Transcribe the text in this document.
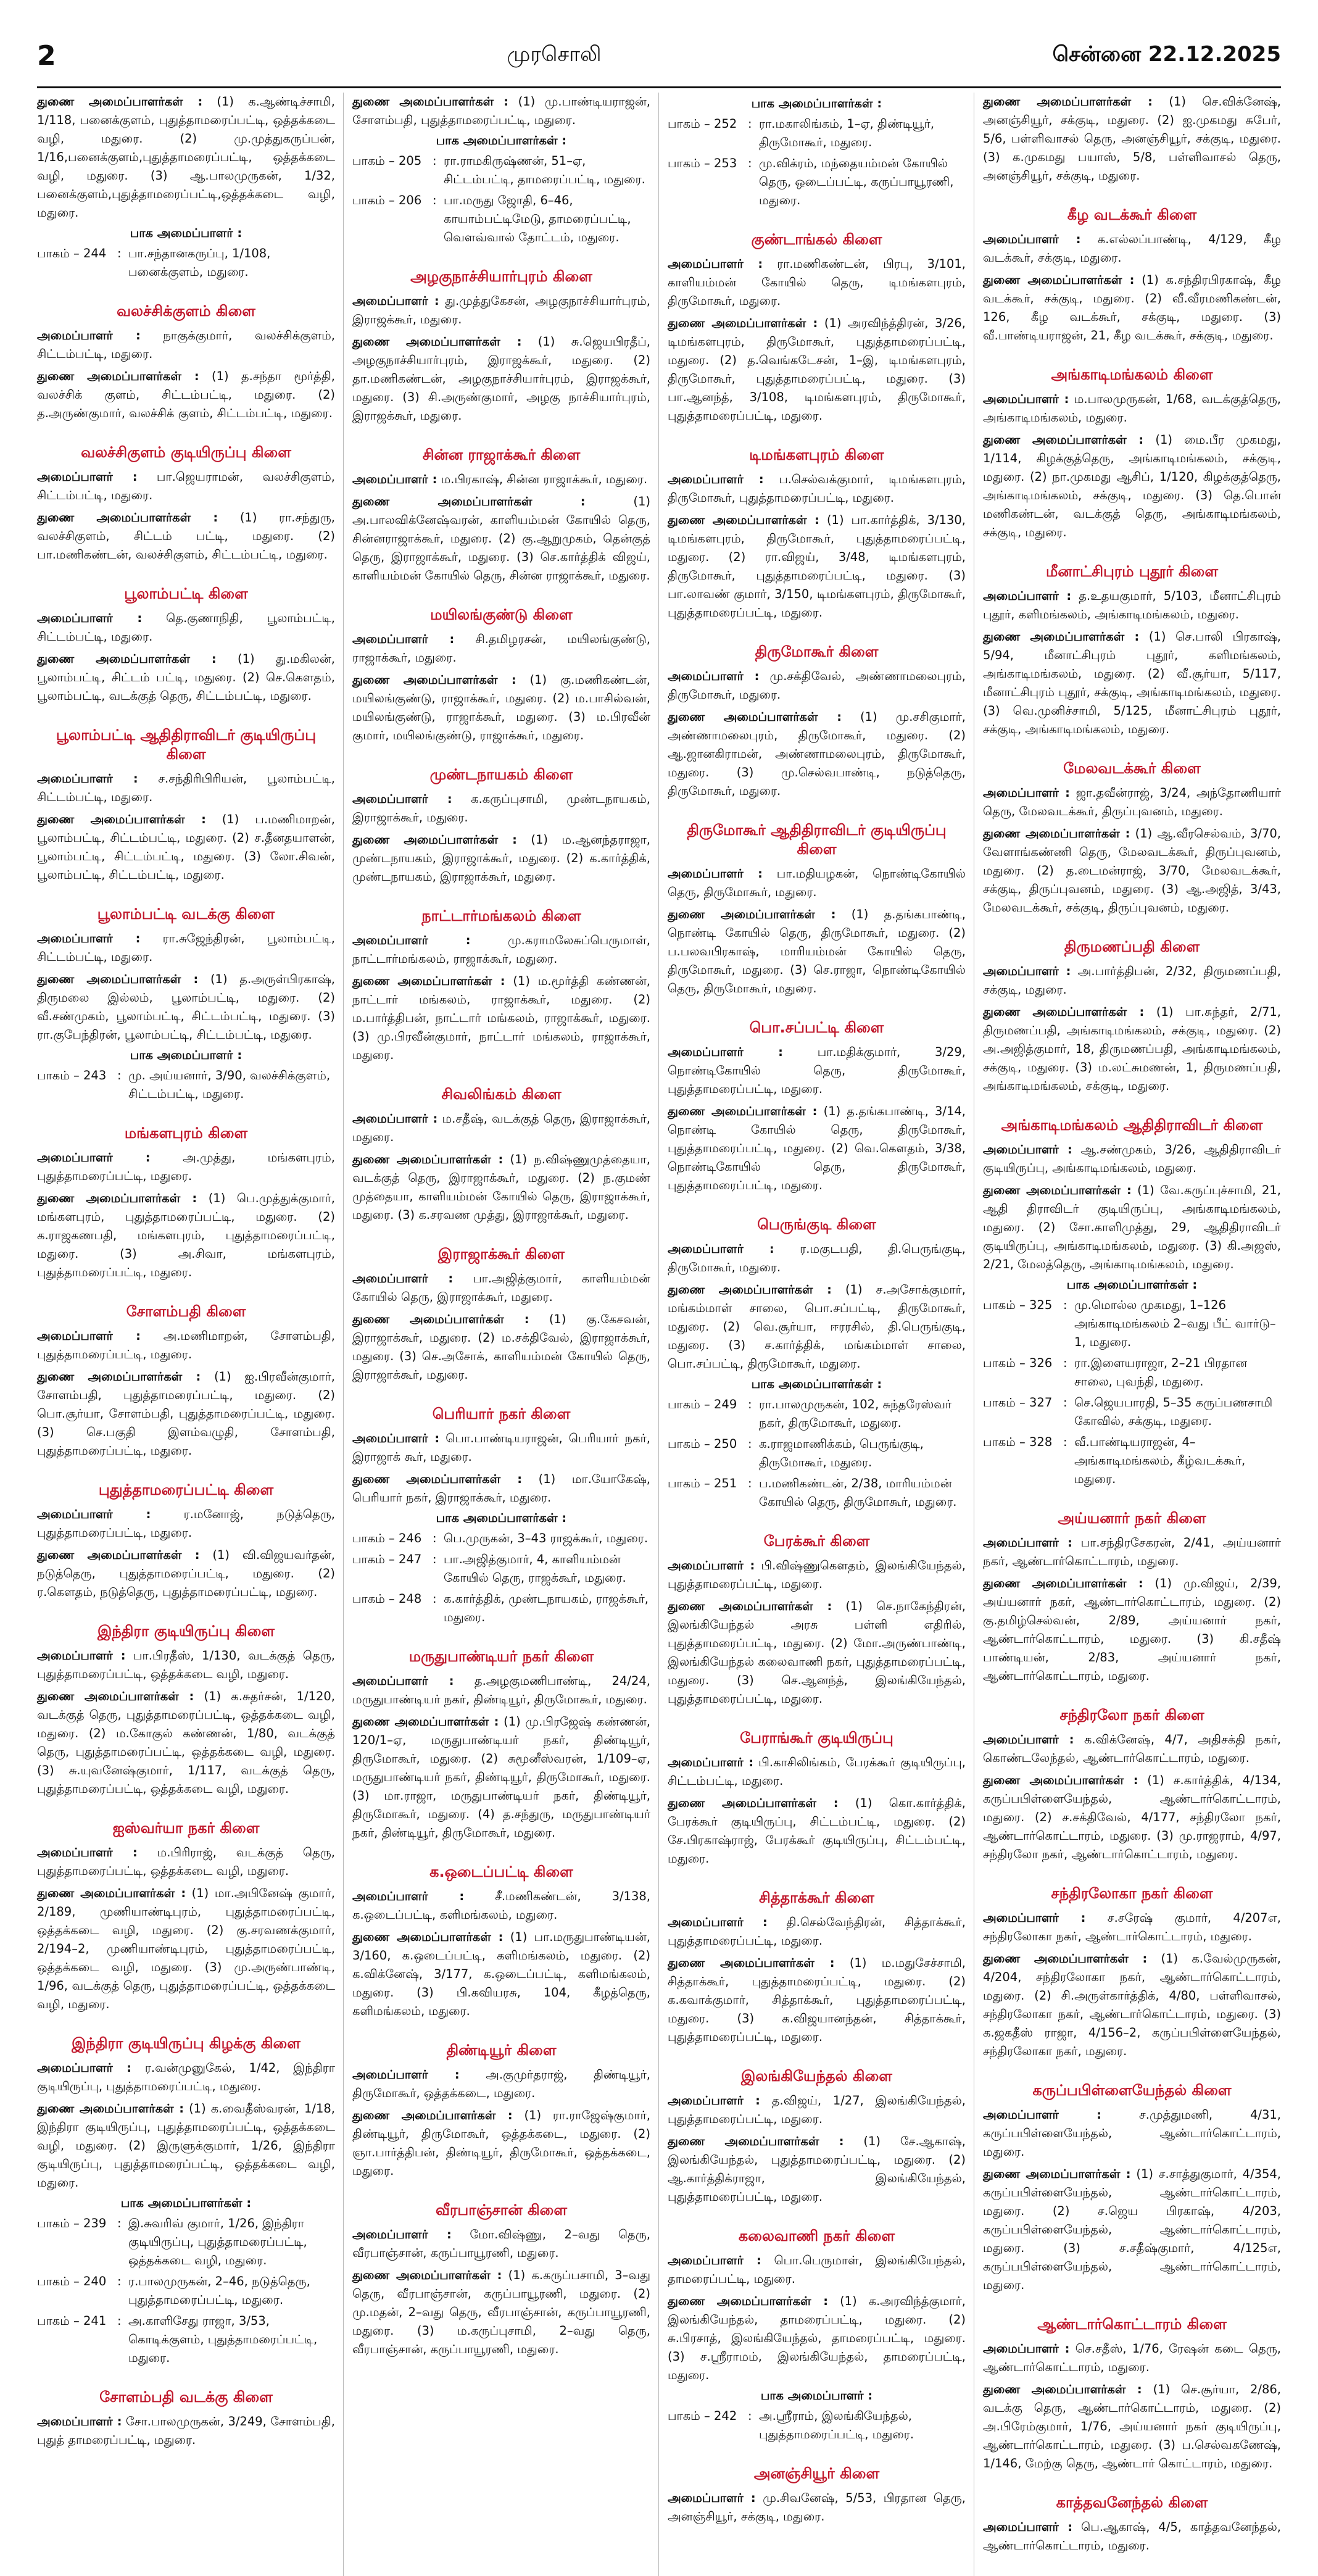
2	முரசொலி	சென்னை 22.12.2025
துணை அமைப்பாளர்கள் : (1) க.ஆண்டிச்சாமி, 1/118, பனைக்குளம், புதுத்தாமரைப்பட்டி, ஒத்தக்கடை வழி, மதுரை. (2) மு.முத்துகருப்பன், 1/16,பனைக்குளம்,புதுத்தாமரைப்பட்டி, ஒத்தக்கடை வழி, மதுரை. (3) ஆ.பாலமுருகன், 1/32, பனைக்குளம்,புதுத்தாமரைப்பட்டி,ஒத்தக்கடை வழி, மதுரை.
பாக அமைப்பாளர் :
பாகம் – 244 : பா.சந்தானகருப்பு, 1/108, பனைக்குளம், மதுரை.
வலச்சிக்குளம் கிளை
அமைப்பாளர் : நாகுக்குமார், வலச்சிக்குளம், சிட்டம்பட்டி, மதுரை.
துணை அமைப்பாளர்கள் : (1) த.சந்தா மூர்த்தி, வலச்சிக் குளம், சிட்டம்பட்டி, மதுரை. (2) த.அருண்குமார், வலச்சிக் குளம், சிட்டம்பட்டி, மதுரை.
வலச்சிகுளம் குடியிருப்பு கிளை
அமைப்பாளர் : பா.ஜெயராமன், வலச்சிகுளம், சிட்டம்பட்டி, மதுரை.
துணை அமைப்பாளர்கள் : (1) ரா.சந்துரு, வலச்சிகுளம், சிட்டம் பட்டி, மதுரை. (2) பா.மணிகண்டன், வலச்சிகுளம், சிட்டம்பட்டி, மதுரை.
பூலாம்பட்டி கிளை
அமைப்பாளர் : தெ.குணாநிதி, பூலாம்பட்டி, சிட்டம்பட்டி, மதுரை.
துணை அமைப்பாளர்கள் : (1) து.மகிலன், பூலாம்பட்டி, சிட்டம் பட்டி, மதுரை. (2) செ.கௌதம், பூலாம்பட்டி, வடக்குத் தெரு, சிட்டம்பட்டி, மதுரை.
பூலாம்பட்டி ஆதிதிராவிடர் குடியிருப்பு கிளை
அமைப்பாளர் : ச.சந்திரிபிரியன், பூலாம்பட்டி, சிட்டம்பட்டி, மதுரை.
துணை அமைப்பாளர்கள் : (1) ப.மணிமாறன், பூலாம்பட்டி, சிட்டம்பட்டி, மதுரை. (2) ச.தீனதயாளன், பூலாம்பட்டி, சிட்டம்பட்டி, மதுரை. (3) லோ.சிவன், பூலாம்பட்டி, சிட்டம்பட்டி, மதுரை.
பூலாம்பட்டி வடக்கு கிளை
அமைப்பாளர் : ரா.சுஜேந்திரன், பூலாம்பட்டி, சிட்டம்பட்டி, மதுரை.
துணை அமைப்பாளர்கள் : (1) த.அருள்பிரகாஷ், திருமலை இல்லம், பூலாம்பட்டி, மதுரை. (2) வீ.சண்முகம், பூலாம்பட்டி, சிட்டம்பட்டி, மதுரை. (3) ரா.குபேந்திரன், பூலாம்பட்டி, சிட்டம்பட்டி, மதுரை.
பாக அமைப்பாளர் :
பாகம் – 243 : மு. அய்யனார், 3/90, வலச்சிக்குளம், சிட்டம்பட்டி, மதுரை.
மங்களபுரம் கிளை
அமைப்பாளர் :	அ.முத்து, மங்களபுரம், புதுத்தாமரைப்பட்டி, மதுரை.
துணை அமைப்பாளர்கள் : (1) பெ.முத்துக்குமார், மங்களபுரம், புதுத்தாமரைப்பட்டி, மதுரை. (2) க.ராஜகணபதி, மங்களபுரம், புதுத்தாமரைப்பட்டி, மதுரை. (3) அ.சிவா, மங்களபுரம், புதுத்தாமரைப்பட்டி, மதுரை.
சோளம்பதி கிளை
அமைப்பாளர் : அ.மணிமாறன், சோளம்பதி, புதுத்தாமரைப்பட்டி, மதுரை.
துணை அமைப்பாளர்கள் : (1) ஐ.பிரவீன்குமார், சோளம்பதி, புதுத்தாமரைப்பட்டி, மதுரை. (2) பொ.சூர்யா, சோளம்பதி, புதுத்தாமரைப்பட்டி, மதுரை. (3) செ.பகுதி இளம்வழுதி, சோளம்பதி, புதுத்தாமரைப்பட்டி, மதுரை.
புதுத்தாமரைப்பட்டி கிளை
அமைப்பாளர் :	ர.மனோஜ், நடுத்தெரு, புதுத்தாமரைப்பட்டி, மதுரை.
துணை அமைப்பாளர்கள் : (1) வி.விஜயவர்தன், நடுத்தெரு, புதுத்தாமரைப்பட்டி, மதுரை. (2) ர.கௌதம், நடுத்தெரு, புதுத்தாமரைப்பட்டி, மதுரை.
இந்திரா குடியிருப்பு கிளை
அமைப்பாளர் : பா.பிரதீஸ், 1/130, வடக்குத் தெரு, புதுத்தாமரைப்பட்டி, ஒத்தக்கடை வழி, மதுரை.
துணை அமைப்பாளர்கள் : (1) க.சுதர்சன், 1/120, வடக்குத் தெரு, புதுத்தாமரைப்பட்டி, ஒத்தக்கடை வழி, மதுரை. (2) ம.கோகுல் கண்ணன், 1/80, வடக்குத் தெரு, புதுத்தாமரைப்பட்டி, ஒத்தக்கடை வழி, மதுரை. (3) சு.யுவனேஷ்குமார், 1/117, வடக்குத் தெரு, புதுத்தாமரைப்பட்டி, ஒத்தக்கடை வழி, மதுரை.
ஐஸ்வர்யா நகர் கிளை
அமைப்பாளர் : ம.பிரிராஜ், வடக்குத் தெரு, புதுத்தாமரைப்பட்டி, ஒத்தக்கடை வழி, மதுரை.
துணை அமைப்பாளர்கள் : (1) மா.அபினேஷ் குமார், 2/189, முணியாண்டிபுரம், புதுத்தாமரைப்பட்டி, ஒத்தக்கடை வழி, மதுரை. (2) கு.சரவணக்குமார், 2/194–2, முணியாண்டிபுரம், புதுத்தாமரைப்பட்டி, ஒத்தக்கடை வழி, மதுரை. (3) மு.அருண்பாண்டி, 1/96, வடக்குத் தெரு, புதுத்தாமரைப்பட்டி, ஒத்தக்கடை வழி, மதுரை.
இந்திரா குடியிருப்பு கிழக்கு கிளை
அமைப்பாளர் : ர.வன்முனுகேல், 1/42, இந்திரா குடியிருப்பு, புதுத்தாமரைப்பட்டி, மதுரை.
துணை அமைப்பாளர்கள் : (1) க.வைதீஸ்வரன், 1/18, இந்திரா குடியிருப்பு, புதுத்தாமரைப்பட்டி, ஒத்தக்கடை வழி, மதுரை. (2) இருளுக்குமார், 1/26, இந்திரா குடியிருப்பு, புதுத்தாமரைப்பட்டி, ஒத்தக்கடை வழி, மதுரை.
பாக அமைப்பாளர்கள் :
பாகம் – 239 : இ.சுவரிவ் குமார், 1/26, இந்திரா குடியிருப்பு, புதுத்தாமரைப்பட்டி, ஒத்தக்கடை வழி, மதுரை.
பாகம் – 240 : ர.பாலமுருகன், 2–46, நடுத்தெரு, புதுத்தாமரைப்பட்டி, மதுரை.
பாகம் – 241 : அ.காளிசேது ராஜா, 3/53, கொடிக்குளம், புதுத்தாமரைப்பட்டி, மதுரை.
சோளம்பதி வடக்கு கிளை
அமைப்பாளர் : சோ.பாலமுருகன், 3/249, சோளம்பதி, புதுத் தாமரைப்பட்டி, மதுரை.
துணை அமைப்பாளர்கள் : (1) மு.பாண்டியராஜன், சோளம்பதி, புதுத்தாமரைப்பட்டி, மதுரை.
பாக அமைப்பாளர்கள் :
பாகம் – 205 : ரா.ராமகிருஷ்ணன், 51–ஏ, சிட்டம்பட்டி, தாமரைப்பட்டி, மதுரை.
பாகம் – 206 : பா.மருது ஜோதி, 6–46, காயாம்பட்டிமேடு, தாமரைப்பட்டி, வெளவ்வால் தோட்டம், மதுரை.
அழகுநாச்சியார்புரம் கிளை
அமைப்பாளர் : து.முத்துகேசன், அழகுநாச்சியார்புரம், இராஜக்கூர், மதுரை.
துணை அமைப்பாளர்கள் : (1) சு.ஜெயபிரதீப், அழகுநாச்சியார்புரம், இராஜக்கூர், மதுரை. (2) தா.மணிகண்டன், அழகுநாச்சியார்புரம், இராஜக்கூர், மதுரை. (3) சி.அருண்குமார், அழகு நாச்சியார்புரம், இராஜக்கூர், மதுரை.
சின்ன ராஜாக்கூர் கிளை
அமைப்பாளர் : ம.பிரகாஷ், சின்ன ராஜாக்கூர், மதுரை.
துணை அமைப்பாளர்கள் :	(1) அ.பாலவிக்னேஷ்வரன், காளியம்மன் கோயில் தெரு, சின்னராஜாக்கூர், மதுரை. (2) கு.ஆறுமுகம், தென்குத் தெரு, இராஜாக்கூர், மதுரை. (3) செ.கார்த்திக் விஜய், காளியம்மன் கோயில் தெரு, சின்ன ராஜாக்கூர், மதுரை.
மயிலங்குண்டு கிளை
அமைப்பாளர் : சி.தமிழரசன், மயிலங்குண்டு, ராஜாக்கூர், மதுரை.
துணை அமைப்பாளர்கள் : (1) கு.மணிகண்டன், மயிலங்குண்டு, ராஜாக்கூர், மதுரை. (2) ம.பாசில்வன், மயிலங்குண்டு, ராஜாக்கூர், மதுரை. (3) ம.பிரவீன் குமார், மயிலங்குண்டு, ராஜாக்கூர், மதுரை.
முண்டநாயகம் கிளை
அமைப்பாளர் : க.கருப்புசாமி, முண்டநாயகம், இராஜாக்கூர், மதுரை.
துணை அமைப்பாளர்கள் : (1) ம.ஆனந்தராஜா, முண்டநாயகம், இராஜாக்கூர், மதுரை. (2) க.கார்த்திக், முண்டநாயகம், இராஜாக்கூர், மதுரை.
நாட்டார்மங்கலம் கிளை
அமைப்பாளர் :	மு.கராமலேசுப்பெருமாள், நாட்டார்மங்கலம், ராஜாக்கூர், மதுரை.
துணை அமைப்பாளர்கள் : (1) ம.மூர்த்தி கண்ணன், நாட்டார் மங்கலம், ராஜாக்கூர், மதுரை. (2) ம.பார்த்திபன், நாட்டார் மங்கலம், ராஜாக்கூர், மதுரை. (3) மு.பிரவீன்குமார், நாட்டார் மங்கலம், ராஜாக்கூர், மதுரை.
சிவலிங்கம் கிளை
அமைப்பாளர் : ம.சதீஷ், வடக்குத் தெரு, இராஜாக்கூர், மதுரை.
துணை அமைப்பாளர்கள் : (1) ந.விஷ்ணுமுத்தையா, வடக்குத் தெரு, இராஜாக்கூர், மதுரை. (2) ந.குமண் முத்தையா, காளியம்மன் கோயில் தெரு, இராஜாக்கூர், மதுரை. (3) க.சரவண முத்து, இராஜாக்கூர், மதுரை.
இராஜாக்கூர் கிளை
அமைப்பாளர் : பா.அஜித்குமார், காளியம்மன் கோயில் தெரு, இராஜாக்கூர், மதுரை.
துணை அமைப்பாளர்கள் : (1) கு.கேசவன், இராஜாக்கூர், மதுரை. (2) ம.சக்திவேல், இராஜாக்கூர், மதுரை. (3) செ.அசோக், காளியம்மன் கோயில் தெரு, இராஜாக்கூர், மதுரை.
பெரியார் நகர் கிளை
அமைப்பாளர் : பொ.பாண்டியராஜன், பெரியார் நகர், இராஜாக் கூர், மதுரை.
துணை அமைப்பாளர்கள் : (1) மா.யோகேஷ், பெரியார் நகர், இராஜாக்கூர், மதுரை.
பாக அமைப்பாளர்கள் :
பாகம் – 246 : பெ.முருகன், 3–43 ராஜக்கூர், மதுரை.
பாகம் – 247 : பா.அஜித்குமார், 4, காளியம்மன் கோயில் தெரு, ராஜக்கூர், மதுரை.
பாகம் – 248 : க.கார்த்திக், முண்டநாயகம், ராஜக்கூர், மதுரை.
மருதுபாண்டியர் நகர் கிளை
அமைப்பாளர் : த.அழகுமணிபாண்டி, 24/24, மருதுபாண்டியர் நகர், திண்டியூர், திருமோகூர், மதுரை.
துணை அமைப்பாளர்கள் : (1) மு.பிரஜேஷ் கண்ணன், 120/1–ஏ, மருதுபாண்டியர் நகர், திண்டியூர், திருமோகூர், மதுரை. (2) சுமூனீஸ்வரன், 1/109–ஏ, மருதுபாண்டியர் நகர், திண்டியூர், திருமோகூர், மதுரை. (3) மா.ராஜா, மருதுபாண்டியர் நகர், திண்டியூர், திருமோகூர், மதுரை. (4) த.சந்துரு, மருதுபாண்டியர் நகர், திண்டியூர், திருமோகூர், மதுரை.
க.ஒடைப்பட்டி கிளை
அமைப்பாளர் :	சீ.மணிகண்டன், 3/138, க.ஒடைப்பட்டி, களிமங்கலம், மதுரை.
துணை அமைப்பாளர்கள் : (1) பா.மருதுபாண்டியன், 3/160, க.ஒடைப்பட்டி, களிமங்கலம், மதுரை. (2) க.விக்னேஷ், 3/177, க.ஒடைப்பட்டி, களிமங்கலம், மதுரை. (3) பி.கவியரசு, 104, கீழத்தெரு, களிமங்கலம், மதுரை.
திண்டியூர் கிளை
அமைப்பாளர் : அ.குமுர்தராஜ், திண்டியூர், திருமோகூர், ஒத்தக்கடை, மதுரை.
துணை அமைப்பாளர்கள் : (1) ரா.ராஜேஷ்குமார், திண்டியூர், திருமோகூர், ஒத்தக்கடை, மதுரை. (2) ஞா.பார்த்திபன், திண்டியூர், திருமோகூர், ஒத்தக்கடை, மதுரை.
வீரபாஞ்சான் கிளை
அமைப்பாளர் : மோ.விஷ்ணு, 2–வது தெரு, வீரபாஞ்சான், கருப்பாயூரணி, மதுரை.
துணை அமைப்பாளர்கள் : (1) க.கருப்பசாமி, 3–வது தெரு, வீரபாஞ்சான், கருப்பாயூரணி, மதுரை. (2) மு.மதன், 2–வது தெரு, வீரபாஞ்சான், கருப்பாயூரணி, மதுரை. (3) ம.கருப்புசாமி, 2–வது தெரு, வீரபாஞ்சான், கருப்பாயூரணி, மதுரை.
பாக அமைப்பாளர்கள் :
பாகம் – 252 : ரா.மகாலிங்கம், 1–ஏ, திண்டியூர், திருமோகூர், மதுரை.
பாகம் – 253 : மு.விக்ரம், மந்தையம்மன் கோயில் தெரு, ஒடைப்பட்டி, கருப்பாயூரணி, மதுரை.
குண்டாங்கல் கிளை
அமைப்பாளர் : ரா.மணிகண்டன், பிரபு, 3/101, காளியம்மன் கோயில் தெரு, டிமங்களபுரம், திருமோகூர், மதுரை.
துணை அமைப்பாளர்கள் : (1) அரவிந்த்திரன், 3/26, டிமங்களபுரம், திருமோகூர், புதுத்தாமரைப்பட்டி, மதுரை. (2) த.வெங்கடேசன், 1–இ, டிமங்களபுரம், திருமோகூர், புதுத்தாமரைப்பட்டி, மதுரை. (3) பா.ஆனந்த், 3/108, டிமங்களபுரம், திருமோகூர், புதுத்தாமரைப்பட்டி, மதுரை.
டிமங்களபுரம் கிளை
அமைப்பாளர் : ப.செல்வக்குமார், டிமங்களபுரம், திருமோகூர், புதுத்தாமரைப்பட்டி, மதுரை.
துணை அமைப்பாளர்கள் : (1) பா.கார்த்திக், 3/130, டிமங்களபுரம், திருமோகூர், புதுத்தாமரைப்பட்டி, மதுரை. (2) ரா.விஜய், 3/48, டிமங்களபுரம், திருமோகூர், புதுத்தாமரைப்பட்டி, மதுரை. (3) பா.லாவண் குமார், 3/150, டிமங்களபுரம், திருமோகூர், புதுத்தாமரைப்பட்டி, மதுரை.
திருமோகூர் கிளை
அமைப்பாளர் : மு.சக்திவேல், அண்ணாமலைபுரம், திருமோகூர், மதுரை.
துணை அமைப்பாளர்கள் : (1) மு.சசிகுமார், அண்ணாமலைபுரம், திருமோகூர், மதுரை. (2) ஆ.ஜானகிராமன், அண்ணாமலைபுரம், திருமோகூர், மதுரை. (3) மு.செல்வபாண்டி, நடுத்தெரு, திருமோகூர், மதுரை.
திருமோகூர் ஆதிதிராவிடர் குடியிருப்பு கிளை
அமைப்பாளர் : பா.மதியழகன், நொண்டிகோயில் தெரு, திருமோகூர், மதுரை.
துணை அமைப்பாளர்கள் : (1) த.தங்கபாண்டி, நொண்டி கோயில் தெரு, திருமோகூர், மதுரை. (2) ப.பலவபிரகாஷ், மாரியம்மன் கோயில் தெரு, திருமோகூர், மதுரை. (3) செ.ராஜா, நொண்டிகோயில் தெரு, திருமோகூர், மதுரை.
பொ.சப்பட்டி கிளை
அமைப்பாளர் :	பா.மதிக்குமார், 3/29, நொண்டிகோயில் தெரு, திருமோகூர், புதுத்தாமரைப்பட்டி, மதுரை.
துணை அமைப்பாளர்கள் : (1) த.தங்கபாண்டி, 3/14, நொண்டி கோயில் தெரு, திருமோகூர், புதுத்தாமரைப்பட்டி, மதுரை. (2) வெ.கௌதம், 3/38, நொண்டிகோயில் தெரு, திருமோகூர், புதுத்தாமரைப்பட்டி, மதுரை.
பெருங்குடி கிளை
அமைப்பாளர் : ர.மகுடபதி, தி.பெருங்குடி, திருமோகூர், மதுரை.
துணை அமைப்பாளர்கள் : (1) ச.அசோக்குமார், மங்கம்மாள் சாலை, பொ.சப்பட்டி, திருமோகூர், மதுரை. (2) வெ.சூர்யா, ஈரரசில், தி.பெருங்குடி, மதுரை. (3) ச.கார்த்திக், மங்கம்மாள் சாலை, பொ.சப்பட்டி, திருமோகூர், மதுரை.
பாக அமைப்பாளர்கள் :
பாகம் – 249 : ரா.பாலமுருகன், 102, சுந்தரேஸ்வர் நகர், திருமோகூர், மதுரை.
பாகம் – 250 : க.ராஜமாணிக்கம், பெருங்குடி, திருமோகூர், மதுரை.
பாகம் – 251 : ப.மணிகண்டன், 2/38, மாரியம்மன் கோயில் தெரு, திருமோகூர், மதுரை.
பேரக்கூர் கிளை
அமைப்பாளர் : பி.விஷ்ணுகௌதம், இலங்கியேந்தல், புதுத்தாமரைப்பட்டி, மதுரை.
துணை அமைப்பாளர்கள் : (1) செ.நாகேந்திரன், இலங்கியேந்தல் அரசு பள்ளி எதிரில், புதுத்தாமரைப்பட்டி, மதுரை. (2) மோ.அருண்பாண்டி, இலங்கியேந்தல் கலைவாணி நகர், புதுத்தாமரைப்பட்டி, மதுரை. (3) செ.ஆனந்த், இலங்கியேந்தல், புதுத்தாமரைப்பட்டி, மதுரை.
பேராங்கூர் குடியிருப்பு
அமைப்பாளர் : பி.காசிலிங்கம், பேரக்கூர் குடியிருப்பு, சிட்டம்பட்டி, மதுரை.
துணை அமைப்பாளர்கள் : (1) கொ.கார்த்திக், பேரக்கூர் குடியிருப்பு, சிட்டம்பட்டி, மதுரை. (2) சே.பிரகாஷ்ராஜ், பேரக்கூர் குடியிருப்பு, சிட்டம்பட்டி, மதுரை.
சித்தாக்கூர் கிளை
அமைப்பாளர் : தி.செல்வேந்திரன், சித்தாக்கூர், புதுத்தாமரைப்பட்டி, மதுரை.
துணை அமைப்பாளர்கள் : (1) ம.மதுசேச்சாமி, சித்தாக்கூர், புதுத்தாமரைப்பட்டி, மதுரை. (2) க.கவாக்குமார், சித்தாக்கூர், புதுத்தாமரைப்பட்டி, மதுரை. (3) க.விஜயானந்தன், சித்தாக்கூர், புதுத்தாமரைப்பட்டி, மதுரை.
இலங்கியேந்தல் கிளை
அமைப்பாளர் : த.விஜய், 1/27, இலங்கியேந்தல், புதுத்தாமரைப்பட்டி, மதுரை.
துணை அமைப்பாளர்கள் : (1) சே.ஆகாஷ், இலங்கியேந்தல், புதுத்தாமரைப்பட்டி, மதுரை. (2) ஆ.கார்த்திக்ராஜா, இலங்கியேந்தல், புதுத்தாமரைப்பட்டி, மதுரை.
கலைவாணி நகர் கிளை
அமைப்பாளர் : பொ.பெருமாள், இலங்கியேந்தல், தாமரைப்பட்டி, மதுரை.
துணை அமைப்பாளர்கள் : (1) க.அரவிந்த்குமார், இலங்கியேந்தல், தாமரைப்பட்டி, மதுரை. (2) சு.பிரசாத், இலங்கியேந்தல், தாமரைப்பட்டி, மதுரை. (3) ச.ஸ்ரீராமம், இலங்கியேந்தல், தாமரைப்பட்டி, மதுரை.
பாக அமைப்பாளர் :
பாகம் – 242 : அ.ஸ்ரீராம், இலங்கியேந்தல், புதுத்தாமரைப்பட்டி, மதுரை.
அனஞ்சியூர் கிளை
அமைப்பாளர் : மு.சிவனேஷ், 5/53, பிரதான தெரு, அனஞ்சியூர், சக்குடி, மதுரை.
துணை அமைப்பாளர்கள் : (1) செ.விக்னேஷ், அனஞ்சியூர், சக்குடி, மதுரை. (2) ஐ.முகமது சுபேர், 5/6, பள்ளிவாசல் தெரு, அனஞ்சியூர், சக்குடி, மதுரை. (3) க.முகமது பயாஸ், 5/8, பள்ளிவாசல் தெரு, அனஞ்சியூர், சக்குடி, மதுரை.
கீழ வடக்கூர் கிளை
அமைப்பாளர் : க.எல்லப்பாண்டி, 4/129, கீழ வடக்கூர், சக்குடி, மதுரை.
துணை அமைப்பாளர்கள் : (1) க.சந்திரபிரகாஷ், கீழ வடக்கூர், சக்குடி, மதுரை. (2) வீ.வீரமணிகண்டன், 126, கீழ வடக்கூர், சக்குடி, மதுரை. (3) வீ.பாண்டியராஜன், 21, கீழ வடக்கூர், சக்குடி, மதுரை.
அங்காடிமங்கலம் கிளை
அமைப்பாளர் : ம.பாலமுருகன், 1/68, வடக்குத்தெரு, அங்காடிமங்கலம், மதுரை.
துணை அமைப்பாளர்கள் : (1) மை.பீர முகமது, 1/114, கிழக்குத்தெரு, அங்காடிமங்கலம், சக்குடி, மதுரை. (2) நா.முகமது ஆசிப், 1/120, கிழக்குத்தெரு, அங்காடிமங்கலம், சக்குடி, மதுரை. (3) தெ.பொன் மணிகண்டன், வடக்குத் தெரு, அங்காடிமங்கலம், சக்குடி, மதுரை.
மீனாட்சிபுரம் புதூர் கிளை
அமைப்பாளர் : த.உதயகுமார், 5/103, மீனாட்சிபுரம் புதூர், களிமங்கலம், அங்காடிமங்கலம், மதுரை.
துணை அமைப்பாளர்கள் : (1) செ.பாலி பிரகாஷ், 5/94, மீனாட்சிபுரம் புதூர், களிமங்கலம், அங்காடிமங்கலம், மதுரை. (2) வீ.சூர்யா, 5/117, மீனாட்சிபுரம் புதூர், சக்குடி, அங்காடிமங்கலம், மதுரை. (3) வெ.முனிச்சாமி, 5/125, மீனாட்சிபுரம் புதூர், சக்குடி, அங்காடிமங்கலம், மதுரை.
மேலவடக்கூர் கிளை
அமைப்பாளர் : ஜா.தவீன்ராஜ், 3/24, அந்தோணியார் தெரு, மேலவடக்கூர், திருப்புவனம், மதுரை.
துணை அமைப்பாளர்கள் : (1) ஆ.வீரசெல்வம், 3/70, வேளாங்கண்ணி தெரு, மேலவடக்கூர், திருப்புவனம், மதுரை. (2) த.டைமன்ராஜ், 3/70, மேலவடக்கூர், சக்குடி, திருப்புவனம், மதுரை. (3) ஆ.அஜித், 3/43, மேலவடக்கூர், சக்குடி, திருப்புவனம், மதுரை.
திருமணப்பதி கிளை
அமைப்பாளர் : அ.பார்த்திபன், 2/32, திருமணப்பதி, சக்குடி, மதுரை.
துணை அமைப்பாளர்கள் : (1) பா.சுந்தர், 2/71, திருமணப்பதி, அங்காடிமங்கலம், சக்குடி, மதுரை. (2) அ.அஜித்குமார், 18, திருமணப்பதி, அங்காடிமங்கலம், சக்குடி, மதுரை. (3) ம.லட்சுமணன், 1, திருமணப்பதி, அங்காடிமங்கலம், சக்குடி, மதுரை.
அங்காடிமங்கலம் ஆதிதிராவிடர் கிளை
அமைப்பாளர் : ஆ.சண்முகம், 3/26, ஆதிதிராவிடர் குடியிருப்பு, அங்காடிமங்கலம், மதுரை.
துணை அமைப்பாளர்கள் : (1) வே.கருப்புச்சாமி, 21, ஆதி திராவிடர் குடியிருப்பு, அங்காடிமங்கலம், மதுரை. (2) சோ.காளிமுத்து, 29, ஆதிதிராவிடர் குடியிருப்பு, அங்காடிமங்கலம், மதுரை. (3) கி.அஜஸ், 2/21, மேலத்தெரு, அங்காடிமங்கலம், மதுரை.
பாக அமைப்பாளர்கள் :
பாகம் – 325 : மு.மொல்ல முகமது, 1–126 அங்காடிமங்கலம் 2–வது பீட் வார்டு–1, மதுரை.
பாகம் – 326 : ரா.இளையராஜா, 2–21 பிரதான சாலை, புவந்தி, மதுரை.
பாகம் – 327 : செ.ஜெயபாரதி, 5–35 கருப்பணசாமி கோவில், சக்குடி, மதுரை.
பாகம் – 328 : வீ.பாண்டியராஜன், 4– அங்காடிமங்கலம், கீழ்வடக்கூர், மதுரை.
அய்யனார் நகர் கிளை
அமைப்பாளர் : பா.சந்திரசேகரன், 2/41, அய்யனார் நகர், ஆண்டார்கொட்டாரம், மதுரை.
துணை அமைப்பாளர்கள் : (1) மு.விஜய், 2/39, அய்யனார் நகர், ஆண்டார்கொட்டாரம், மதுரை. (2) கு.தமிழ்செல்வன், 2/89, அய்யனார் நகர், ஆண்டார்கொட்டாரம், மதுரை. (3) கி.சதீஷ் பாண்டியன், 2/83, அய்யனார் நகர், ஆண்டார்கொட்டாரம், மதுரை.
சந்திரலோ நகர் கிளை
அமைப்பாளர் : க.விக்னேஷ், 4/7, அதிசக்தி நகர், கொண்டலேந்தல், ஆண்டார்கொட்டாரம், மதுரை.
துணை அமைப்பாளர்கள் : (1) ச.கார்த்திக், 4/134, கருப்பபிள்ளையேந்தல், ஆண்டார்கொட்டாரம், மதுரை. (2) ச.சக்திவேல், 4/177, சந்திரலோ நகர், ஆண்டார்கொட்டாரம், மதுரை. (3) மு.ராஜராம், 4/97, சந்திரலோ நகர், ஆண்டார்கொட்டாரம், மதுரை.
சந்திரலோகா நகர் கிளை
அமைப்பாளர் : ச.சரேஷ் குமார், 4/207எ, சந்திரலோகா நகர், ஆண்டார்கொட்டாரம், மதுரை.
துணை அமைப்பாளர்கள் : (1) க.வேல்முருகன், 4/204, சந்திரலோகா நகர், ஆண்டார்கொட்டாரம், மதுரை. (2) சி.அருள்கார்த்திக், 4/80, பள்ளிவாசல், சந்திரலோகா நகர், ஆண்டார்கொட்டாரம், மதுரை. (3) க.ஜகதீஸ் ராஜா, 4/156–2, கருப்பபிள்ளையேந்தல், சந்திரலோகா நகர், மதுரை.
கருப்பபிள்ளையேந்தல் கிளை
அமைப்பாளர் :	ச.முத்துமணி, 4/31, கருப்பபிள்ளையேந்தல், ஆண்டார்கொட்டாரம், மதுரை.
துணை அமைப்பாளர்கள் : (1) ச.சாத்துகுமார், 4/354, கருப்பபிள்ளையேந்தல், ஆண்டார்கொட்டாரம், மதுரை. (2) ச.ஜெய பிரகாஷ், 4/203, கருப்பபிள்ளையேந்தல், ஆண்டார்கொட்டாரம், மதுரை. (3) ச.சதீஷ்குமார், 4/125எ, கருப்பபிள்ளையேந்தல், ஆண்டார்கொட்டாரம், மதுரை.
ஆண்டார்கொட்டாரம் கிளை
அமைப்பாளர் : செ.சதீஸ், 1/76, ரேஷன் கடை தெரு, ஆண்டார்கொட்டாரம், மதுரை.
துணை அமைப்பாளர்கள் : (1) செ.சூர்யா, 2/86, வடக்கு தெரு, ஆண்டார்கொட்டாரம், மதுரை. (2) அ.பிரேம்குமார், 1/76, அய்யனார் நகர் குடியிருப்பு, ஆண்டார்கொட்டாரம், மதுரை. (3) ப.செல்வகணேஷ், 1/146, மேற்கு தெரு, ஆண்டார் கொட்டாரம், மதுரை.
காத்தவனேந்தல் கிளை
அமைப்பாளர் : பெ.ஆகாஷ், 4/5, காத்தவனேந்தல், ஆண்டார்கொட்டாரம், மதுரை.
